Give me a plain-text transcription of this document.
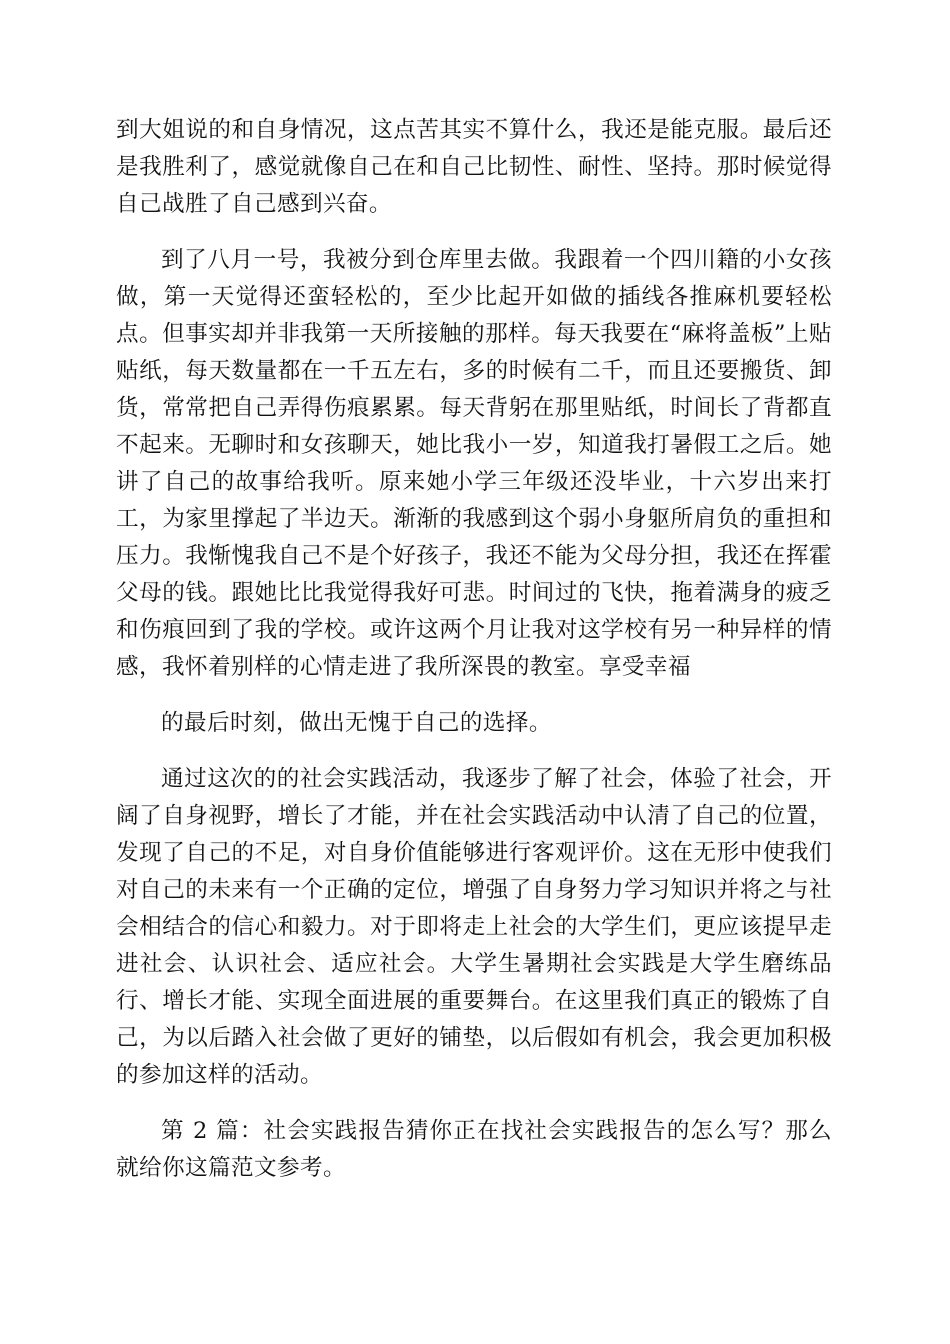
到大姐说的和自身情况，这点苦其实不算什么，我还是能克服。最后还是我胜利了，感觉就像自己在和自己比韧性、耐性、坚持。那时候觉得自己战胜了自己感到兴奋。

到了八月一号，我被分到仓库里去做。我跟着一个四川籍的小女孩做，第一天觉得还蛮轻松的，至少比起开如做的插线各推麻机要轻松点。但事实却并非我第一天所接触的那样。每天我要在“麻将盖板”上贴贴纸，每天数量都在一千五左右，多的时候有二千，而且还要搬货、卸货，常常把自己弄得伤痕累累。每天背躬在那里贴纸，时间长了背都直不起来。无聊时和女孩聊天，她比我小一岁，知道我打暑假工之后。她讲了自己的故事给我听。原来她小学三年级还没毕业，十六岁出来打工，为家里撑起了半边天。渐渐的我感到这个弱小身躯所肩负的重担和压力。我惭愧我自己不是个好孩子，我还不能为父母分担，我还在挥霍父母的钱。跟她比比我觉得我好可悲。时间过的飞快，拖着满身的疲乏和伤痕回到了我的学校。或许这两个月让我对这学校有另一种异样的情感，我怀着别样的心情走进了我所深畏的教室。享受幸福

的最后时刻，做出无愧于自己的选择。

通过这次的的社会实践活动，我逐步了解了社会，体验了社会，开阔了自身视野，增长了才能，并在社会实践活动中认清了自己的位置，发现了自己的不足，对自身价值能够进行客观评价。这在无形中使我们对自己的未来有一个正确的定位，增强了自身努力学习知识并将之与社会相结合的信心和毅力。对于即将走上社会的大学生们，更应该提早走进社会、认识社会、适应社会。大学生暑期社会实践是大学生磨练品行、增长才能、实现全面进展的重要舞台。在这里我们真正的锻炼了自己，为以后踏入社会做了更好的铺垫，以后假如有机会，我会更加积极的参加这样的活动。

第 2 篇：社会实践报告猜你正在找社会实践报告的怎么写？那么就给你这篇范文参考。
